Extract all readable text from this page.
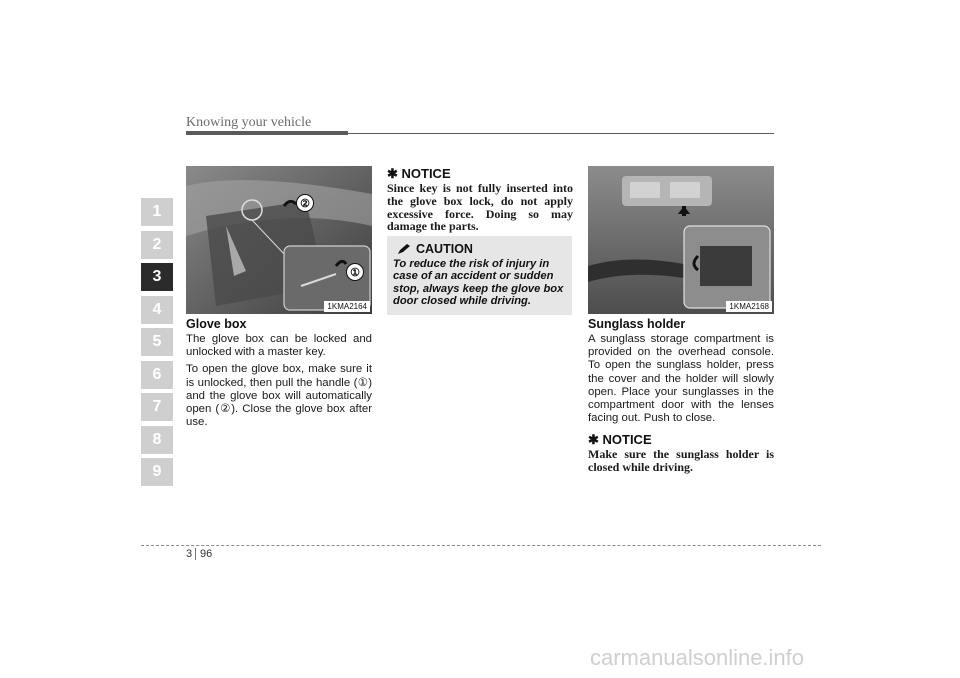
Knowing your vehicle
1
2
3
4
5
6
7
8
9
②
①
1KMA2164
Glove box

The glove box can be locked and unlocked with a master key.

To open the glove box, make sure it is unlocked, then pull the handle (①) and the glove box will automatically open (②). Close the glove box after use.

✱ NOTICE
Since key is not fully inserted into the glove box lock, do not apply excessive force. Doing so may damage the parts.
CAUTION
To reduce the risk of injury in case of an accident or sudden stop, always keep the glove box door closed while driving.	1KMA2168
Sunglass holder

A sunglass storage compartment is provided on the overhead console. To open the sunglass holder, press the cover and the holder will slowly open. Place your sunglasses in the compartment door with the lenses facing out. Push to close.

✱ NOTICE
Make sure the sunglass holder is closed while driving.
3 96
carmanualsonline.info
